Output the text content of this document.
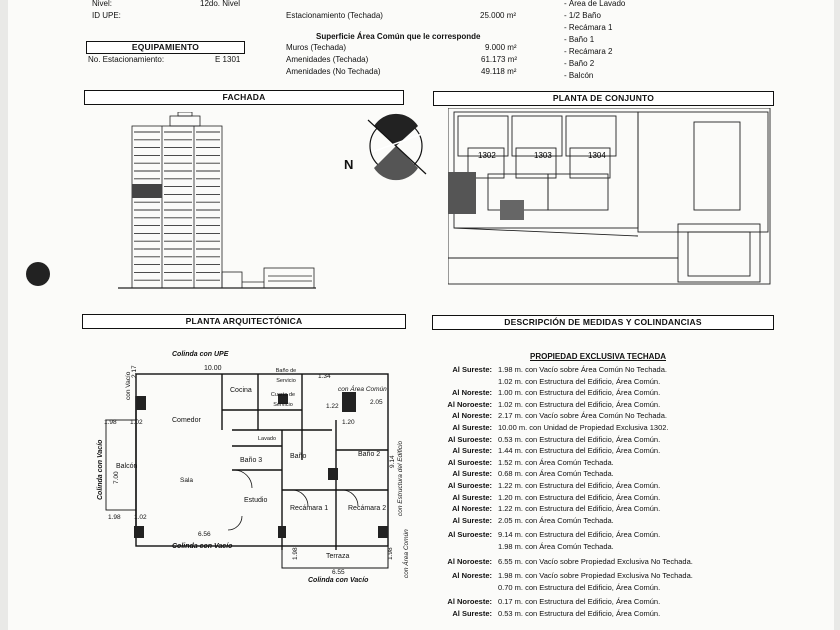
Nivel:	12do. Nivel
ID UPE:	Estacionamiento (Techada)	25.000 m²
Superficie Área Común que le corresponde
Muros (Techada)	9.000 m²
Amenidades (Techada)	61.173 m²
Amenidades (No Techada)	49.118 m²
- Área de Lavado
- 1/2 Baño
- Recámara 1
- Baño 1
- Recámara 2
- Baño 2
- Balcón
EQUIPAMIENTO
No. Estacionamiento:	E 1301
FACHADA	PLANTA DE CONJUNTO
PLANTA ARQUITECTÓNICA	DESCRIPCIÓN DE MEDIDAS Y COLINDANCIAS
N
1302	1303	1304
Colinda con UPE
10.00
con Vacío
Colinda con Vacío
1.98 1.02
2.17
7.00
1.98 1.02
6.56
Colinda con Vacío
1.98
6.55
1.98
Colinda con Vacío
con Área Común
con Estructura del Edificio
con Área Común
1.34
1.22
1.20
2.05
9.14
Cocina
Baño de Servicio
Cuarto de Servicio
Comedor
Balcón
Sala
Lavado
Baño 3
Baño	Baño 2
Estudio
Recámara 1	Recámara 2
Terraza
PROPIEDAD EXCLUSIVA TECHADA
Al Sureste: 1.98 m. con Vacío sobre Área Común No Techada.
1.02 m. con Estructura del Edificio, Área Común.
Al Noreste: 1.00 m. con Estructura del Edificio, Área Común.
Al Noroeste: 1.02 m. con Estructura del Edificio, Área Común.
Al Noreste: 2.17 m. con Vacío sobre Área Común No Techada.
Al Sureste: 10.00 m. con Unidad de Propiedad Exclusiva 1302.
Al Suroeste: 0.53 m. con Estructura del Edificio, Área Común.
Al Sureste: 1.44 m. con Estructura del Edificio, Área Común.
Al Suroeste: 1.52 m. con Área Común Techada.
Al Sureste: 0.68 m. con Área Común Techada.
Al Suroeste: 1.22 m. con Estructura del Edificio, Área Común.
Al Sureste: 1.20 m. con Estructura del Edificio, Área Común.
Al Noreste: 1.22 m. con Estructura del Edificio, Área Común.
Al Sureste: 2.05 m. con Área Común Techada.
Al Suroeste: 9.14 m. con Estructura del Edificio, Área Común.
1.98 m. con Área Común Techada.
Al Noroeste: 6.55 m. con Vacío sobre Propiedad Exclusiva No Techada.
Al Noreste: 1.98 m. con Vacío sobre Propiedad Exclusiva No Techada.
0.70 m. con Estructura del Edificio, Área Común.
Al Noroeste: 0.17 m. con Estructura del Edificio, Área Común.
Al Sureste: 0.53 m. con Estructura del Edificio, Área Común.
